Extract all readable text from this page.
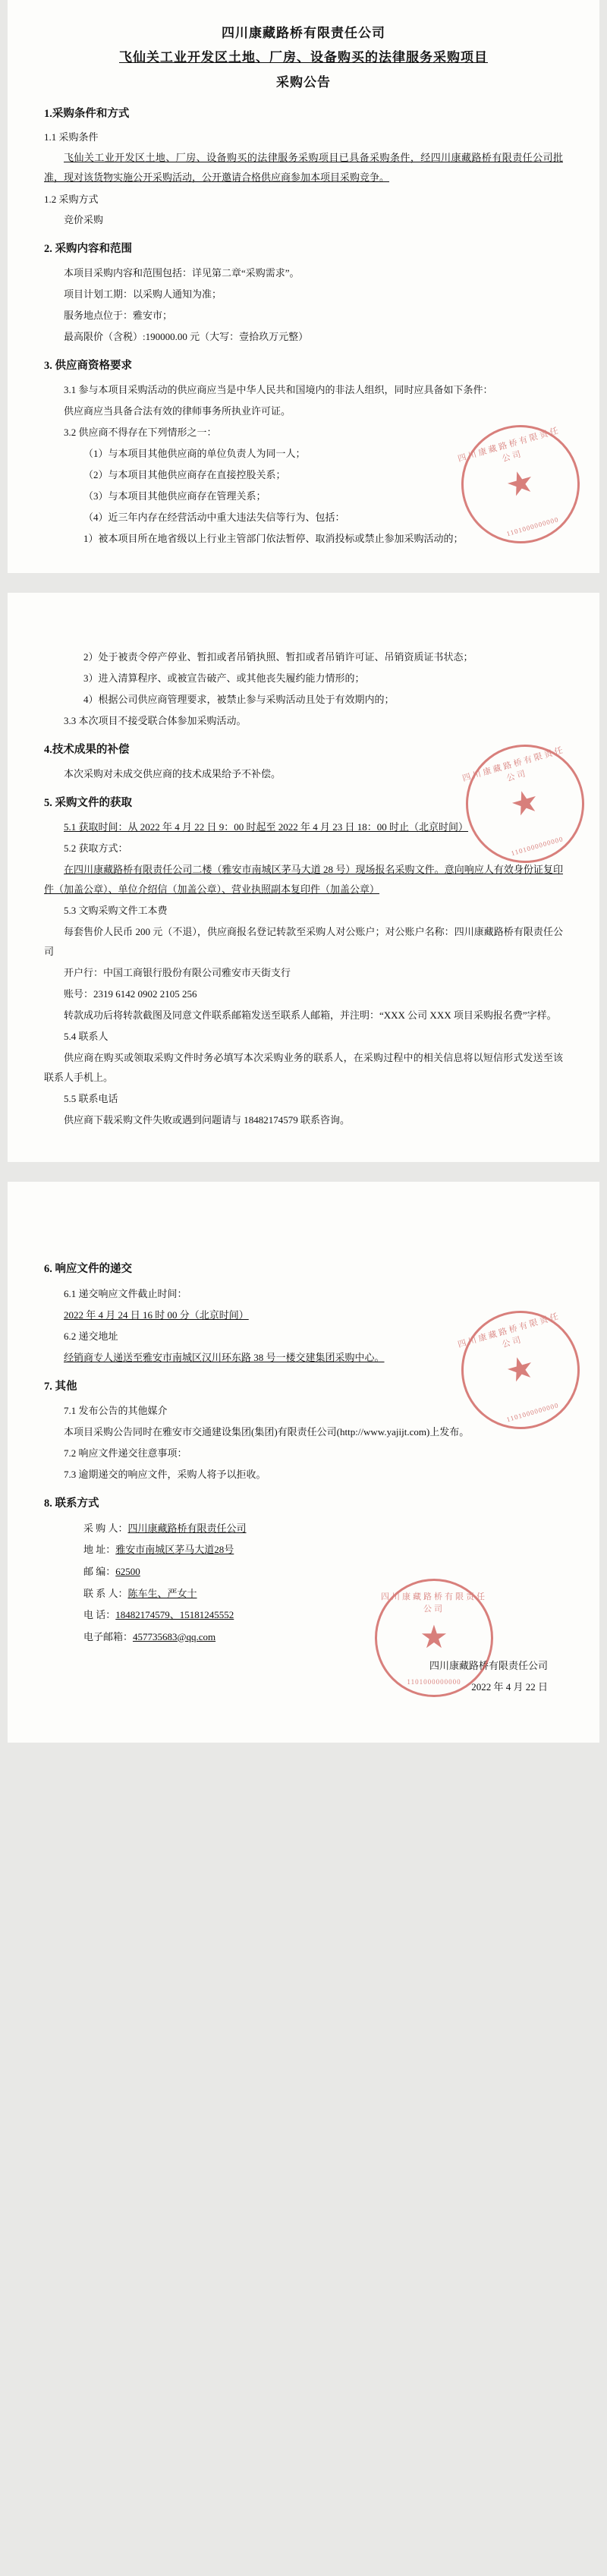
四川康藏路桥有限责任公司
飞仙关工业开发区土地、厂房、设备购买的法律服务采购项目
采购公告
1.采购条件和方式
1.1 采购条件

飞仙关工业开发区土地、厂房、设备购买的法律服务采购项目已具备采购条件，经四川康藏路桥有限责任公司批准，现对该货物实施公开采购活动，公开邀请合格供应商参加本项目采购竞争。

1.2 采购方式

竞价采购

2. 采购内容和范围

本项目采购内容和范围包括：详见第二章“采购需求”。

项目计划工期：以采购人通知为准；

服务地点位于：雅安市；

最高限价（含税）:190000.00 元（大写：壹拾玖万元整）

3. 供应商资格要求

3.1 参与本项目采购活动的供应商应当是中华人民共和国境内的非法人组织，同时应具备如下条件：

供应商应当具备合法有效的律师事务所执业许可证。

3.2 供应商不得存在下列情形之一：

（1）与本项目其他供应商的单位负责人为同一人；

（2）与本项目其他供应商存在直接控股关系；

（3）与本项目其他供应商存在管理关系；

（4）近三年内存在经营活动中重大违法失信等行为、包括：

1）被本项目所在地省级以上行业主管部门依法暂停、取消投标或禁止参加采购活动的；

四川康藏路桥有限责任公司
★
1101000000000

2）处于被责令停产停业、暂扣或者吊销执照、暂扣或者吊销许可证、吊销资质证书状态；

3）进入清算程序、或被宣告破产、或其他丧失履约能力情形的；

4）根据公司供应商管理要求，被禁止参与采购活动且处于有效期内的；

3.3 本次项目不接受联合体参加采购活动。

4.技术成果的补偿

本次采购对未成交供应商的技术成果给予不补偿。

5. 采购文件的获取

5.1 获取时间：从 2022 年 4 月 22 日 9：00 时起至 2022 年 4 月 23 日 18：00 时止（北京时间）

5.2 获取方式：

在四川康藏路桥有限责任公司二楼（雅安市南城区茅马大道 28 号）现场报名采购文件。意向响应人有效身份证复印件（加盖公章）、单位介绍信（加盖公章）、营业执照副本复印件（加盖公章）

5.3 文购采购文件工本费

每套售价人民币 200 元（不退），供应商报名登记转款至采购人对公账户；对公账户名称：四川康藏路桥有限责任公司

开户行：中国工商银行股份有限公司雅安市天街支行

账号：2319 6142 0902 2105 256

转款成功后将转款截图及同意文件联系邮箱发送至联系人邮箱，并注明：“XXX 公司 XXX 项目采购报名费”字样。

5.4 联系人

供应商在购买或领取采购文件时务必填写本次采购业务的联系人，在采购过程中的相关信息将以短信形式发送至该联系人手机上。

5.5 联系电话

供应商下载采购文件失败或遇到问题请与 18482174579 联系咨询。

四川康藏路桥有限责任公司
★
1101000000000
6. 响应文件的递交

6.1 递交响应文件截止时间：

2022 年 4 月 24 日 16 时 00 分（北京时间）

6.2 递交地址

经销商专人递送至雅安市南城区汉川环东路 38 号一楼交建集团采购中心。

7. 其他

7.1 发布公告的其他媒介

本项目采购公告同时在雅安市交通建设集团(集团)有限责任公司(http://www.yajijt.com)上发布。

7.2 响应文件递交往意事项：

7.3 逾期递交的响应文件，采购人将予以拒收。

8. 联系方式
采 购 人：四川康藏路桥有限责任公司
地 址：雅安市南城区茅马大道28号
邮 编：62500
联 系 人：陈车生、严女十
电 话：18482174579、15181245552
电子邮箱：457735683@qq.com
四川康藏路桥有限责任公司
2022 年 4 月 22 日
四川康藏路桥有限责任公司
★
1101000000000
四川康藏路桥有限责任公司
★
1101000000000
